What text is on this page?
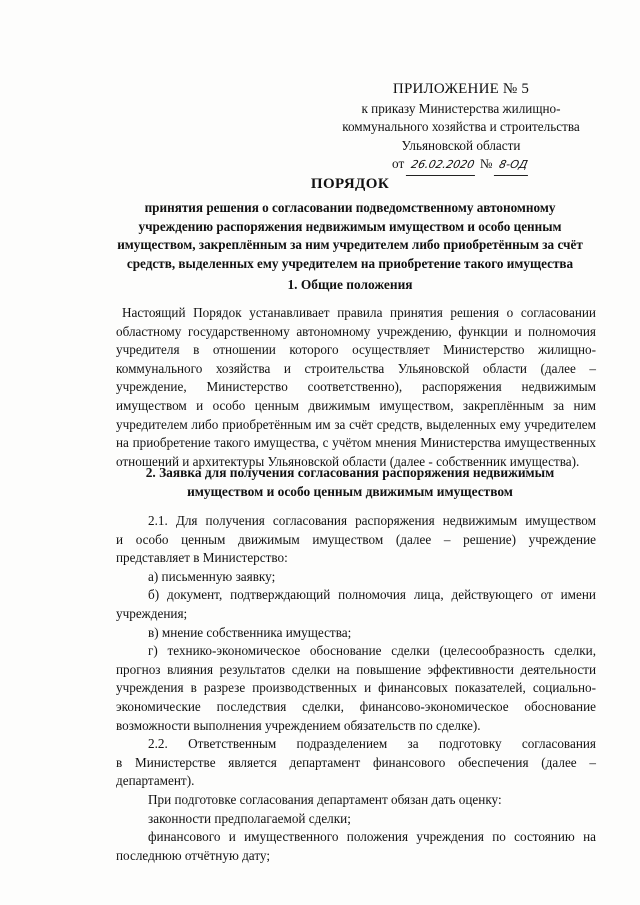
ПРИЛОЖЕНИЕ № 5
к приказу Министерства жилищно-
коммунального хозяйства и строительства
Ульяновской области
от 26.02.2020 № 8-ОД
ПОРЯДОК
принятия решения о согласовании подведомственному автономному
учреждению распоряжения недвижимым имуществом и особо ценным
имуществом, закреплённым за ним учредителем либо приобретённым за счёт
средств, выделенных ему учредителем на приобретение такого имущества
1. Общие положения
Настоящий Порядок устанавливает правила принятия решения о согласовании
областному государственному автономному учреждению, функции и полномочия
учредителя в отношении которого осуществляет Министерство жилищно-
коммунального хозяйства и строительства Ульяновской области (далее –
учреждение, Министерство соответственно), распоряжения недвижимым
имуществом и особо ценным движимым имуществом, закреплённым за ним
учредителем либо приобретённым им за счёт средств, выделенных ему учредителем
на приобретение такого имущества, с учётом мнения Министерства имущественных
отношений и архитектуры Ульяновской области (далее - собственник имущества).
2. Заявка для получения согласования распоряжения недвижимым
имуществом и особо ценным движимым имуществом
2.1. Для получения согласования распоряжения недвижимым имуществом
и особо ценным движимым имуществом (далее – решение) учреждение
представляет в Министерство:
а) письменную заявку;
б) документ, подтверждающий полномочия лица, действующего от имени
учреждения;
в) мнение собственника имущества;
г) технико-экономическое обоснование сделки (целесообразность сделки,
прогноз влияния результатов сделки на повышение эффективности деятельности
учреждения в разрезе производственных и финансовых показателей, социально-
экономические последствия сделки, финансово-экономическое обоснование
возможности выполнения учреждением обязательств по сделке).
2.2. Ответственным подразделением за подготовку согласования
в Министерстве является департамент финансового обеспечения (далее –
департамент).
При подготовке согласования департамент обязан дать оценку:
законности предполагаемой сделки;
финансового и имущественного положения учреждения по состоянию на
последнюю отчётную дату;
